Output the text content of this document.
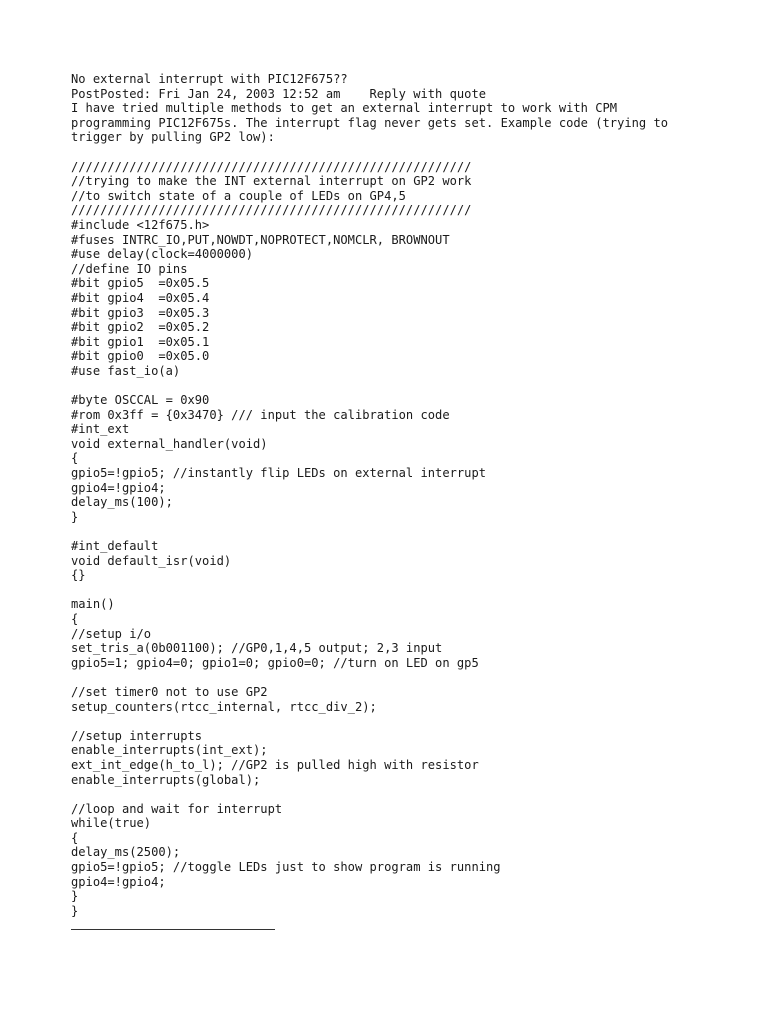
No external interrupt with PIC12F675??
PostPosted: Fri Jan 24, 2003 12:52 am    Reply with quote
I have tried multiple methods to get an external interrupt to work with CPM
programming PIC12F675s. The interrupt flag never gets set. Example code (trying to
trigger by pulling GP2 low):
///////////////////////////////////////////////////////
//trying to make the INT external interrupt on GP2 work
//to switch state of a couple of LEDs on GP4,5
///////////////////////////////////////////////////////
#include <12f675.h>
#fuses INTRC_IO,PUT,NOWDT,NOPROTECT,NOMCLR, BROWNOUT
#use delay(clock=4000000)
//define IO pins
#bit gpio5  =0x05.5
#bit gpio4  =0x05.4
#bit gpio3  =0x05.3
#bit gpio2  =0x05.2
#bit gpio1  =0x05.1
#bit gpio0  =0x05.0
#use fast_io(a)
#byte OSCCAL = 0x90
#rom 0x3ff = {0x3470} /// input the calibration code
#int_ext
void external_handler(void)
{
gpio5=!gpio5; //instantly flip LEDs on external interrupt
gpio4=!gpio4;
delay_ms(100);
}
#int_default
void default_isr(void)
{}
main()
{
//setup i/o
set_tris_a(0b001100); //GP0,1,4,5 output; 2,3 input
gpio5=1; gpio4=0; gpio1=0; gpio0=0; //turn on LED on gp5
//set timer0 not to use GP2
setup_counters(rtcc_internal, rtcc_div_2);
//setup interrupts
enable_interrupts(int_ext);
ext_int_edge(h_to_l); //GP2 is pulled high with resistor
enable_interrupts(global);
//loop and wait for interrupt
while(true)
{
delay_ms(2500);
gpio5=!gpio5; //toggle LEDs just to show program is running
gpio4=!gpio4;
}
}
